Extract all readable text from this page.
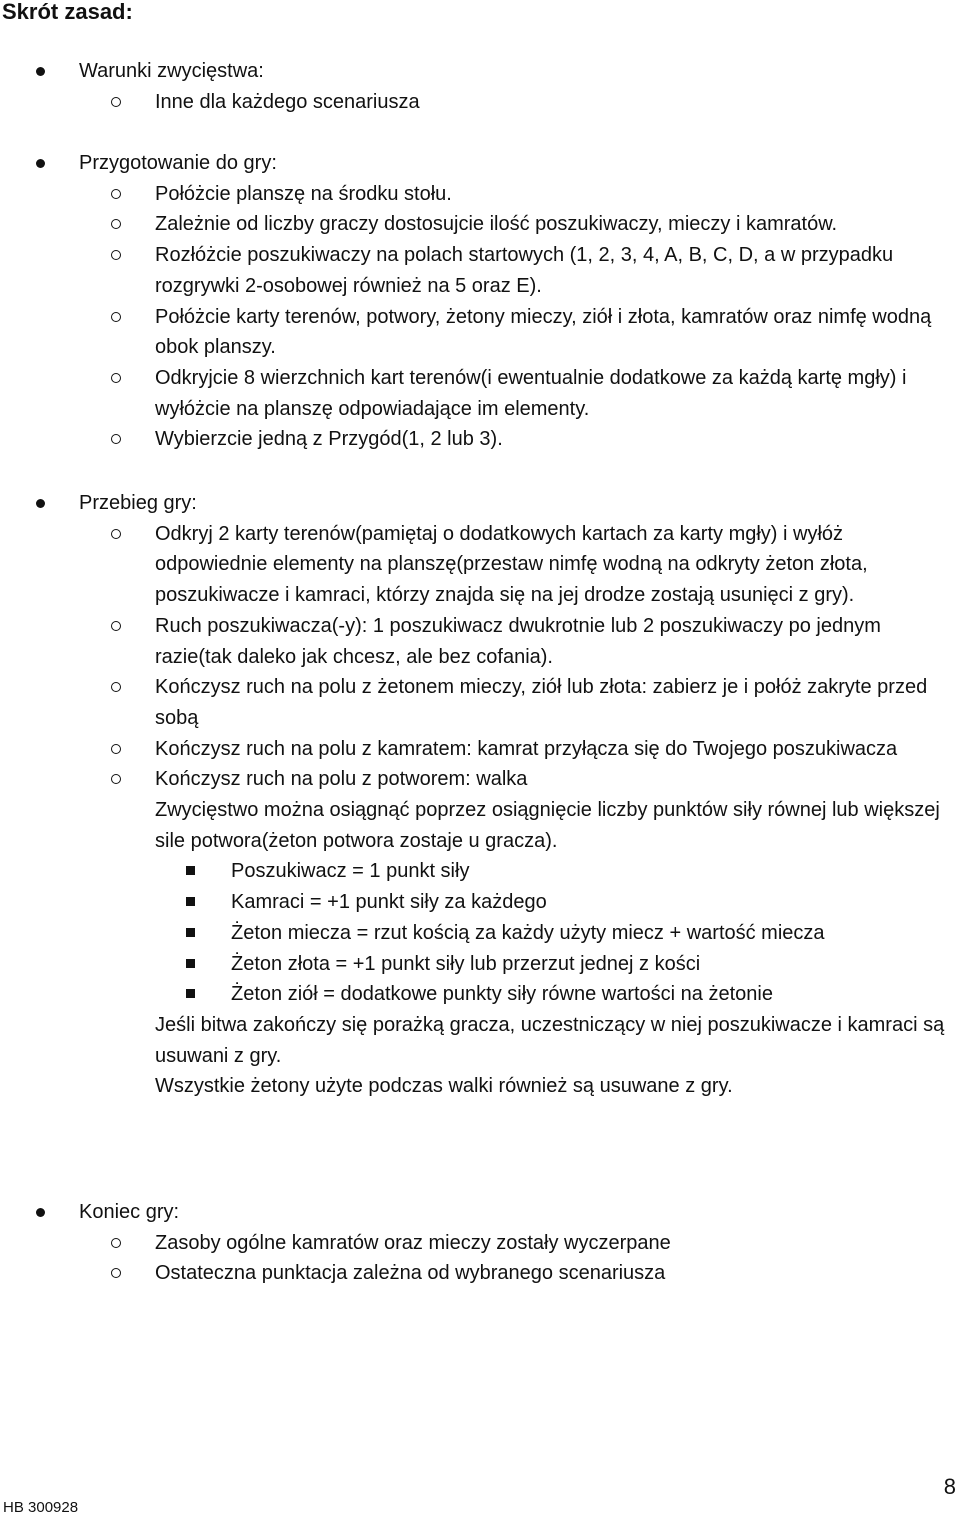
Skrót zasad:
Warunki zwycięstwa:
Inne dla każdego scenariusza
Przygotowanie do gry:
Połóżcie planszę na środku stołu.
Zależnie od liczby graczy dostosujcie ilość poszukiwaczy, mieczy i kamratów.
Rozłóżcie poszukiwaczy na polach startowych (1, 2, 3, 4, A, B, C, D, a w przypadku rozgrywki 2-osobowej również na 5 oraz E).
Połóżcie karty terenów, potwory, żetony mieczy, ziół i złota, kamratów oraz nimfę wodną obok planszy.
Odkryjcie 8 wierzchnich kart terenów(i ewentualnie dodatkowe za każdą kartę mgły) i wyłóżcie na planszę odpowiadające im elementy.
Wybierzcie jedną z Przygód(1, 2 lub 3).
Przebieg gry:
Odkryj 2 karty terenów(pamiętaj o dodatkowych kartach za karty mgły) i wyłóż odpowiednie elementy na planszę(przestaw nimfę wodną na odkryty żeton złota, poszukiwacze i kamraci, którzy znajda się na jej drodze zostają usunięci z gry).
Ruch poszukiwacza(-y): 1 poszukiwacz dwukrotnie lub 2 poszukiwaczy po jednym razie(tak daleko jak chcesz, ale bez cofania).
Kończysz ruch na polu z żetonem mieczy, ziół lub złota: zabierz je i połóż zakryte przed sobą
Kończysz ruch na polu z kamratem: kamrat przyłącza się do Twojego poszukiwacza
Kończysz ruch na polu z potworem: walka
Zwycięstwo można osiągnąć poprzez osiągnięcie liczby punktów siły równej lub większej sile potwora(żeton potwora zostaje u gracza).
Poszukiwacz = 1 punkt siły
Kamraci = +1 punkt siły za każdego
Żeton miecza = rzut kością za każdy użyty miecz + wartość miecza
Żeton złota = +1 punkt siły lub przerzut jednej z kości
Żeton ziół = dodatkowe punkty siły równe wartości na żetonie
Jeśli bitwa zakończy się porażką gracza, uczestniczący w niej poszukiwacze i kamraci są usuwani z gry.
Wszystkie żetony użyte podczas walki również są usuwane z gry.
Koniec gry:
Zasoby ogólne kamratów oraz mieczy zostały wyczerpane
Ostateczna punktacja zależna od wybranego scenariusza
HB 300928
8
